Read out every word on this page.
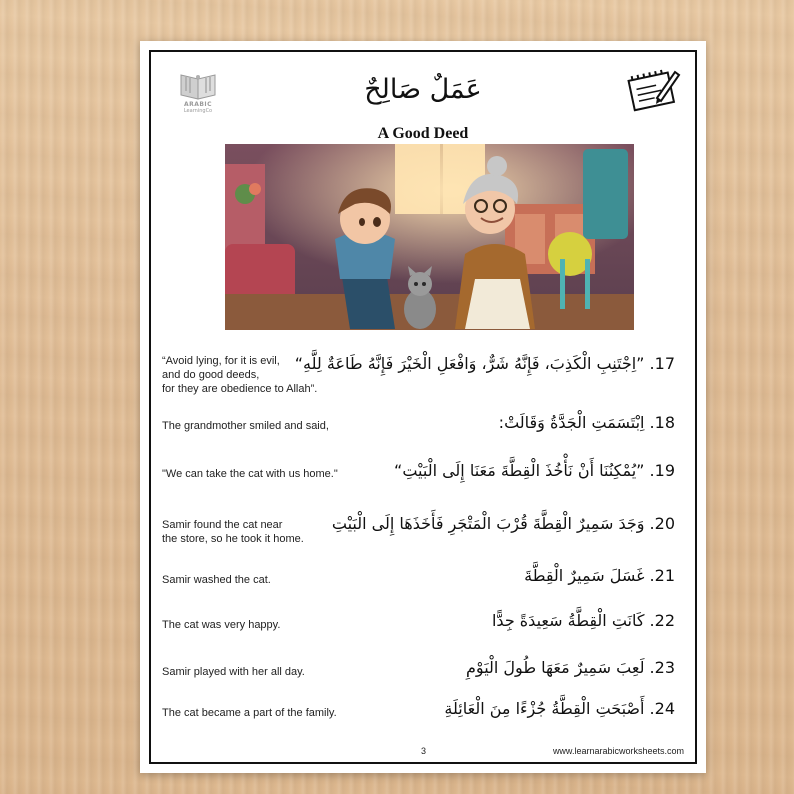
ARABIC
LearningCo
عَمَلٌ صَالِحٌ
A Good Deed
“Avoid lying, for it is evil,
and do good deeds,
for they are obedience to Allah”.
17. ”اِجْتَنِبِ الْكَذِبَ، فَإِنَّهُ شَرٌّ، وَافْعَلِ الْخَيْرَ فَإِنَّهُ طَاعَةٌ لِلَّهِ“
The grandmother smiled and said,	18. اِبْتَسَمَتِ الْجَدَّةُ وَقَالَتْ:
"We can take the cat with us home."	19. ”يُمْكِنُنَا أَنْ نَأْخُذَ الْقِطَّةَ مَعَنَا إِلَى الْبَيْتِ“
Samir found the cat near
the store, so he took it home.
20. وَجَدَ سَمِيرٌ الْقِطَّةَ قُرْبَ الْمَتْجَرِ فَأَخَذَهَا إِلَى الْبَيْتِ
Samir washed the cat.	21. غَسَلَ سَمِيرٌ الْقِطَّةَ
The cat was very happy.	22. كَانَتِ الْقِطَّةُ سَعِيدَةً جِدًّا
Samir played with her all day.	23. لَعِبَ سَمِيرٌ مَعَهَا طُولَ الْيَوْمِ
The cat became a part of the family.	24. أَصْبَحَتِ الْقِطَّةُ جُزْءًا مِنَ الْعَائِلَةِ
3	www.learnarabicworksheets.com
